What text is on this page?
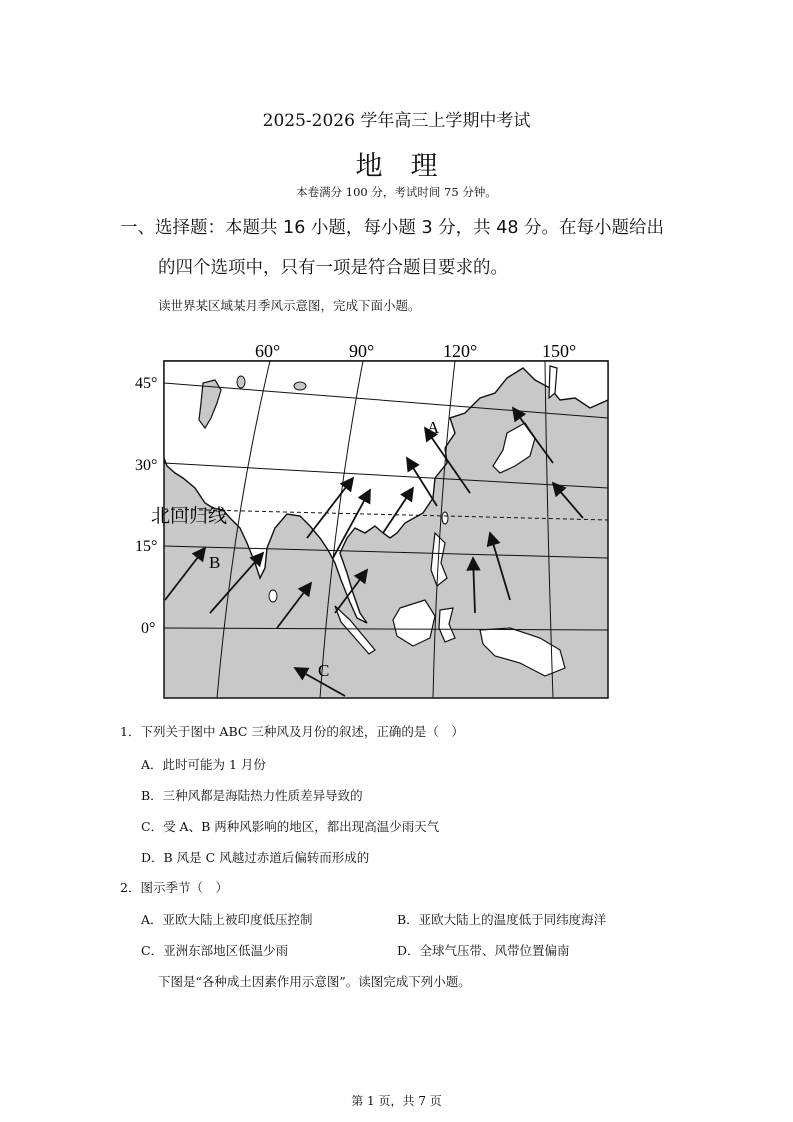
2025-2026 学年高三上学期中考试
地 理
本卷满分 100 分，考试时间 75 分钟。
一、选择题：本题共 16 小题，每小题 3 分，共 48 分。在每小题给出
的四个选项中，只有一项是符合题目要求的。
读世界某区域某月季风示意图，完成下面小题。
60°	90°	120°	150°
45°
30°
15°
0°
北回归线
A
B
C
1．下列关于图中 ABC 三种风及月份的叙述，正确的是（　）
A．此时可能为 1 月份
B．三种风都是海陆热力性质差异导致的
C．受 A、B 两种风影响的地区，都出现高温少雨天气
D．B 风是 C 风越过赤道后偏转而形成的
2．图示季节（　）
A．亚欧大陆上被印度低压控制	B．亚欧大陆上的温度低于同纬度海洋
C．亚洲东部地区低温少雨	D．全球气压带、风带位置偏南
下图是“各种成土因素作用示意图”。读图完成下列小题。
第 1 页，共 7 页
